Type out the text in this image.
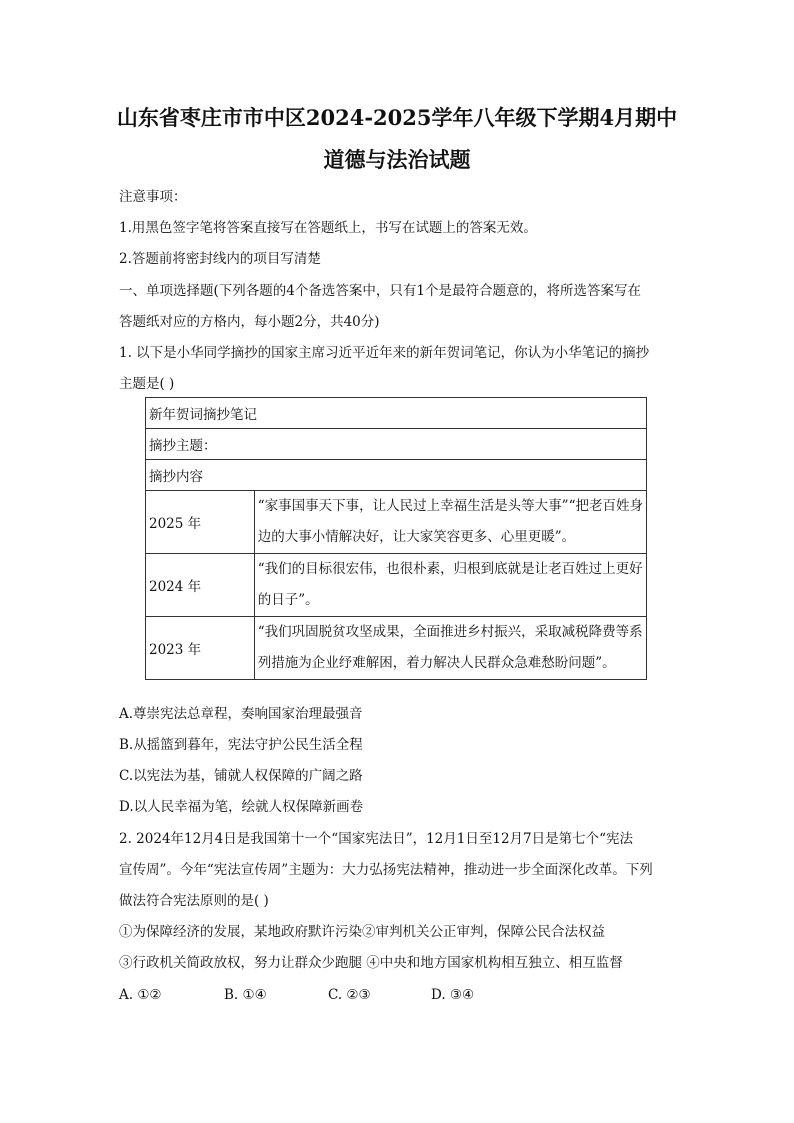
山东省枣庄市市中区2024-2025学年八年级下学期4月期中
道德与法治试题
注意事项：
1.用黑色签字笔将答案直接写在答题纸上，书写在试题上的答案无效。
2.答题前将密封线内的项目写清楚
一、单项选择题(下列各题的4个备选答案中，只有1个是最符合题意的，将所选答案写在
答题纸对应的方格内，每小题2分，共40分)
1. 以下是小华同学摘抄的国家主席习近平近年来的新年贺词笔记，你认为小华笔记的摘抄
主题是( )
新年贺词摘抄笔记	
摘抄主题：	
摘抄内容	
2025 年	“家事国事天下事，让人民过上幸福生活是头等大事”“把老百姓身
边的大事小情解决好，让大家笑容更多、心里更暖”。

2024 年	“我们的目标很宏伟，也很朴素，归根到底就是让老百姓过上更好
的日子”。

2023 年	“我们巩固脱贫攻坚成果，全面推进乡村振兴，采取减税降费等系
列措施为企业纾难解困，着力解决人民群众急难愁盼问题”。
A.尊崇宪法总章程，奏响国家治理最强音
B.从摇篮到暮年，宪法守护公民生活全程
C.以宪法为基，铺就人权保障的广阔之路
D.以人民幸福为笔，绘就人权保障新画卷
2. 2024年12月4日是我国第十一个“国家宪法日”，12月1日至12月7日是第七个“宪法
宣传周”。今年“宪法宣传周”主题为：大力弘扬宪法精神，推动进一步全面深化改革。下列
做法符合宪法原则的是( )
①为保障经济的发展，某地政府默许污染②审判机关公正审判，保障公民合法权益
③行政机关简政放权，努力让群众少跑腿 ④中央和地方国家机构相互独立、相互监督
A. ①②	B. ①④	C. ②③	D. ③④
